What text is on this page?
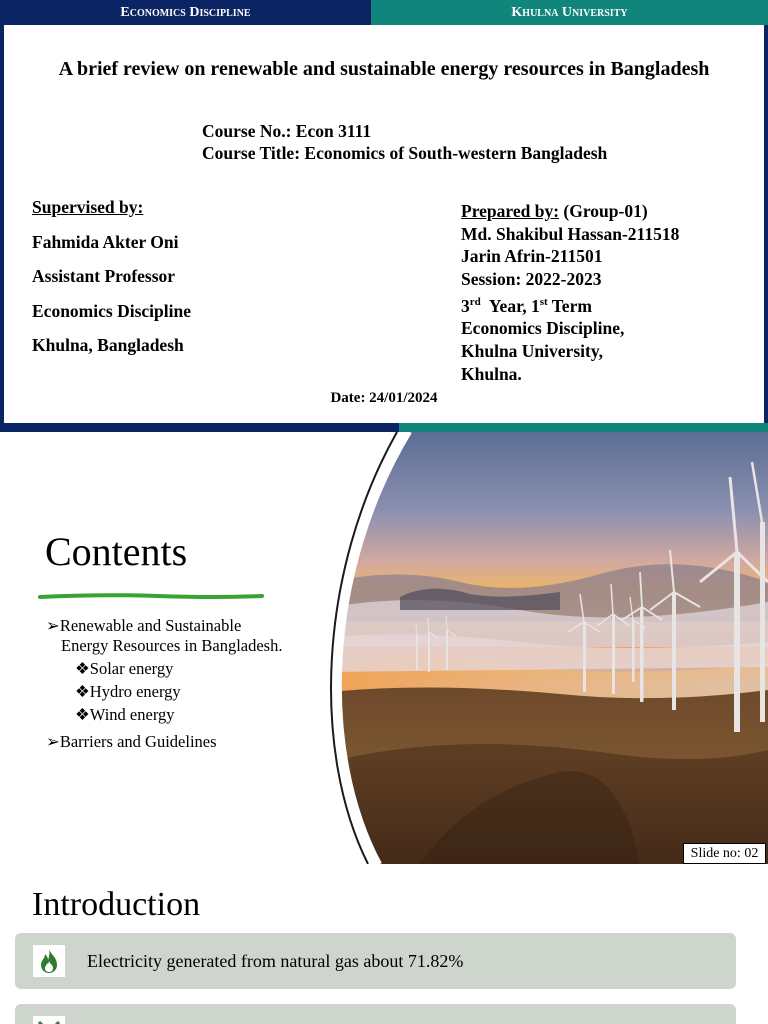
Economics Discipline	Khulna University
A brief review on renewable and sustainable energy resources in Bangladesh
Course No.: Econ 3111
Course Title: Economics of South-western Bangladesh
Supervised by:
Fahmida Akter Oni
Assistant Professor
Economics Discipline
Khulna, Bangladesh
Prepared by: (Group-01)
Md. Shakibul Hassan-211518
Jarin Afrin-211501
Session: 2022-2023
3rd  Year, 1st Term
Economics Discipline,
Khulna University,
Khulna.
Date: 24/01/2024
Contents
➢Renewable and Sustainable
Energy Resources in Bangladesh.
❖Solar energy
❖Hydro energy
❖Wind energy
➢Barriers and Guidelines
Slide no: 02
Introduction
Electricity generated from natural gas about 71.82%
